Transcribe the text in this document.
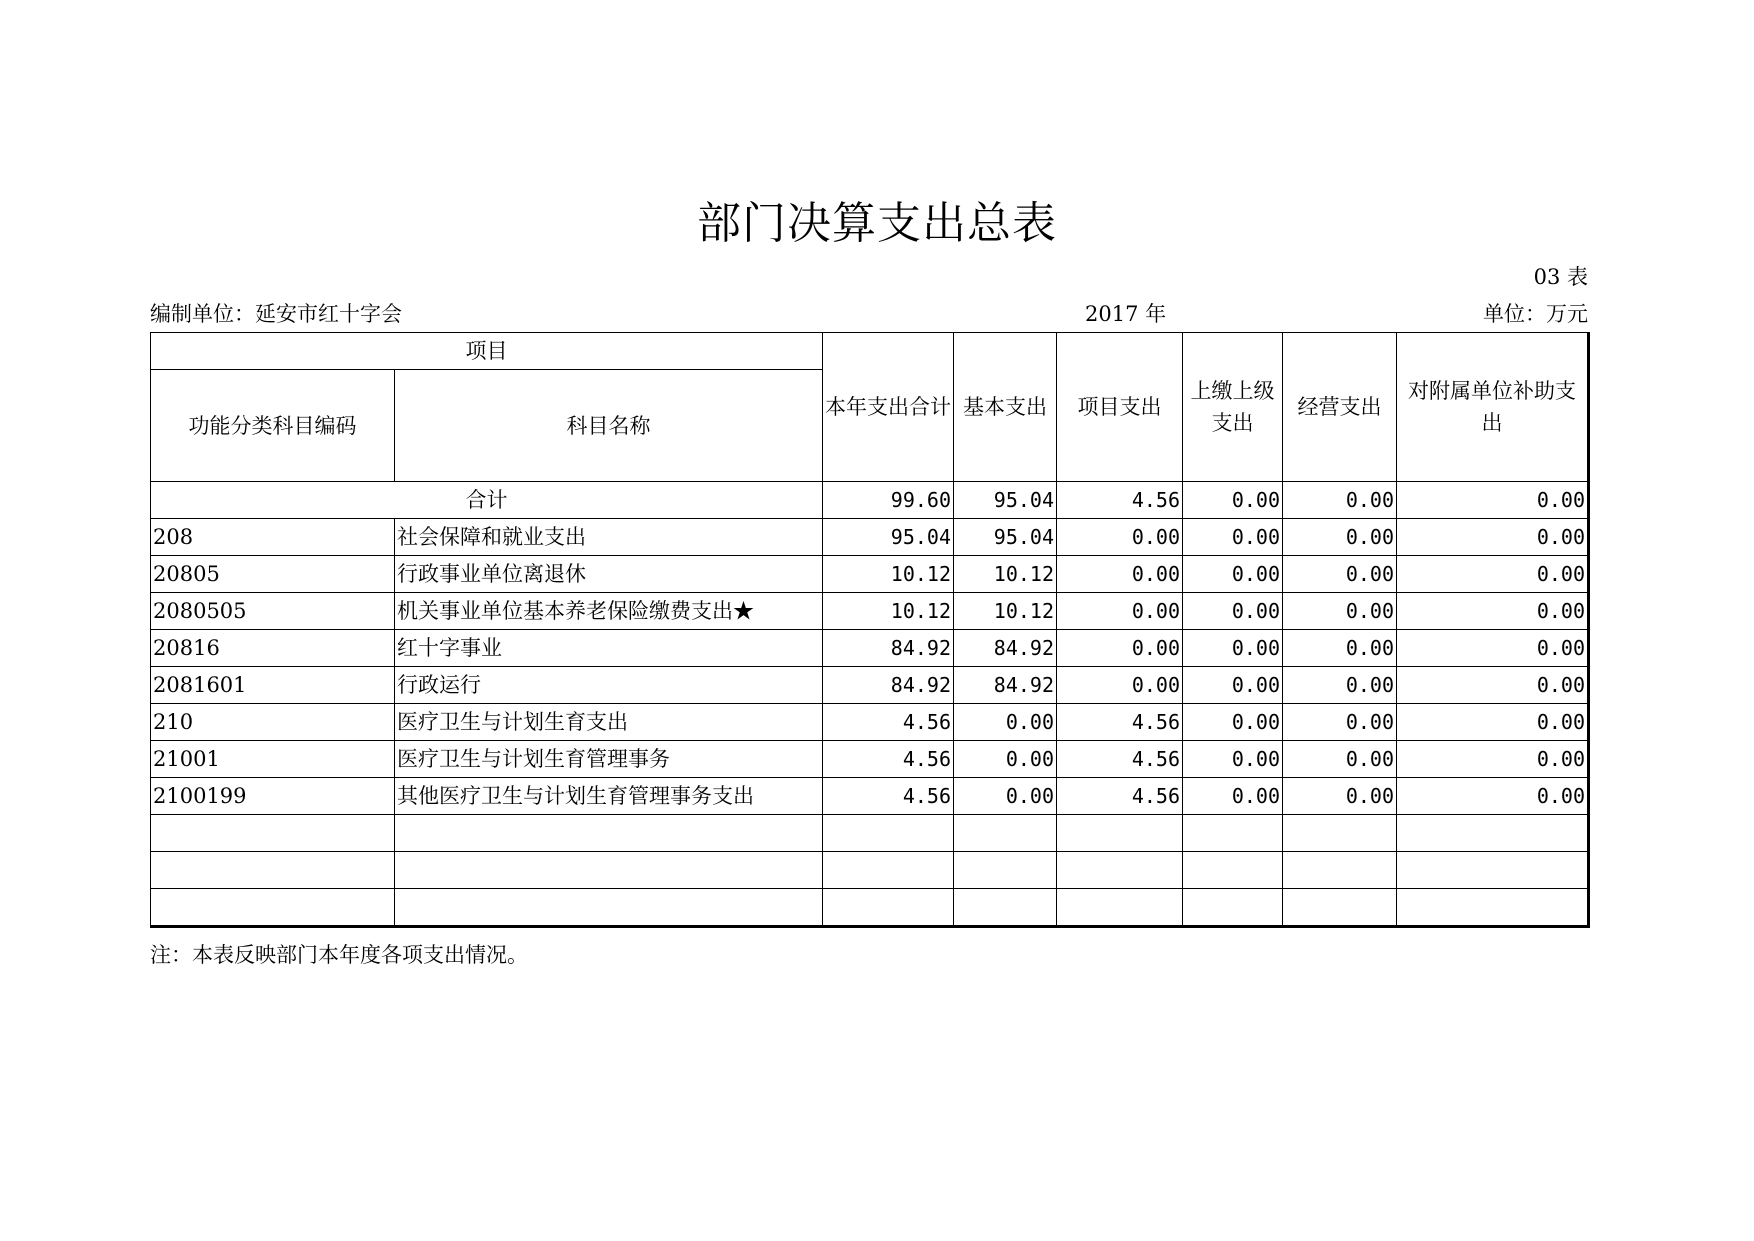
部门决算支出总表
03 表
编制单位：延安市红十字会	2017 年	单位：万元
项目		本年支出合计	基本支出	项目支出	上缴上级支出	经营支出	对附属单位补助支出
功能分类科目编码	科目名称						
合计		99.60	95.04	4.56	0.00	0.00	0.00
208	社会保障和就业支出	95.04	95.04	0.00	0.00	0.00	0.00
20805	行政事业单位离退休	10.12	10.12	0.00	0.00	0.00	0.00
2080505	机关事业单位基本养老保险缴费支出★	10.12	10.12	0.00	0.00	0.00	0.00
20816	红十字事业	84.92	84.92	0.00	0.00	0.00	0.00
2081601	行政运行	84.92	84.92	0.00	0.00	0.00	0.00
210	医疗卫生与计划生育支出	4.56	0.00	4.56	0.00	0.00	0.00
21001	医疗卫生与计划生育管理事务	4.56	0.00	4.56	0.00	0.00	0.00
2100199	其他医疗卫生与计划生育管理事务支出	4.56	0.00	4.56	0.00	0.00	0.00

注：本表反映部门本年度各项支出情况。
